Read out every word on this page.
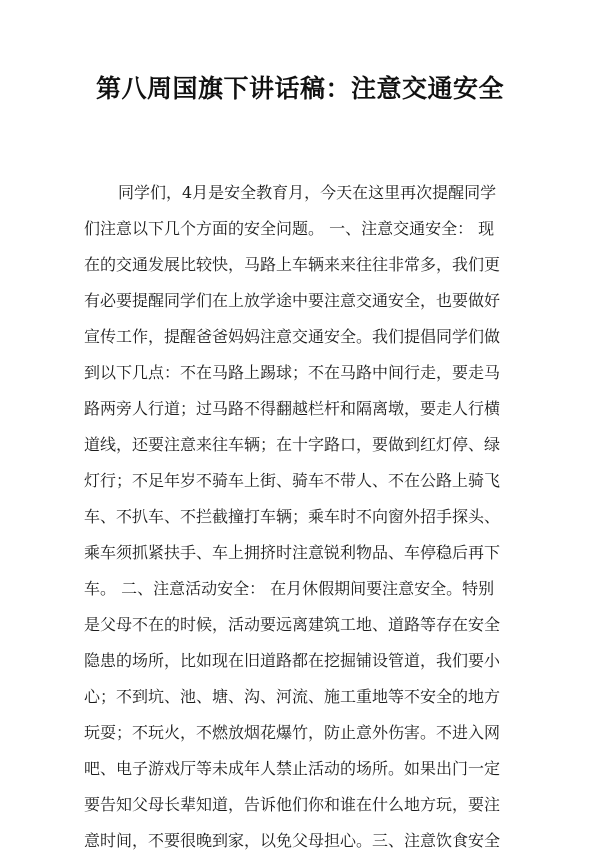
第八周国旗下讲话稿：注意交通安全
同学们，4月是安全教育月，今天在这里再次提醒同学
们注意以下几个方面的安全问题。 一、注意交通安全： 现
在的交通发展比较快，马路上车辆来来往往非常多，我们更
有必要提醒同学们在上放学途中要注意交通安全，也要做好
宣传工作，提醒爸爸妈妈注意交通安全。我们提倡同学们做
到以下几点：不在马路上踢球；不在马路中间行走，要走马
路两旁人行道；过马路不得翻越栏杆和隔离墩，要走人行横
道线，还要注意来往车辆；在十字路口，要做到红灯停、绿
灯行；不足年岁不骑车上街、骑车不带人、不在公路上骑飞
车、不扒车、不拦截撞打车辆；乘车时不向窗外招手探头、
乘车须抓紧扶手、车上拥挤时注意锐利物品、车停稳后再下
车。 二、注意活动安全： 在月休假期间要注意安全。特别
是父母不在的时候，活动要远离建筑工地、道路等存在安全
隐患的场所，比如现在旧道路都在挖掘铺设管道，我们要小
心；不到坑、池、塘、沟、河流、施工重地等不安全的地方
玩耍；不玩火，不燃放烟花爆竹，防止意外伤害。不进入网
吧、电子游戏厅等未成年人禁止活动的场所。如果出门一定
要告知父母长辈知道，告诉他们你和谁在什么地方玩，要注
意时间，不要很晚到家，以免父母担心。三、注意饮食安全
